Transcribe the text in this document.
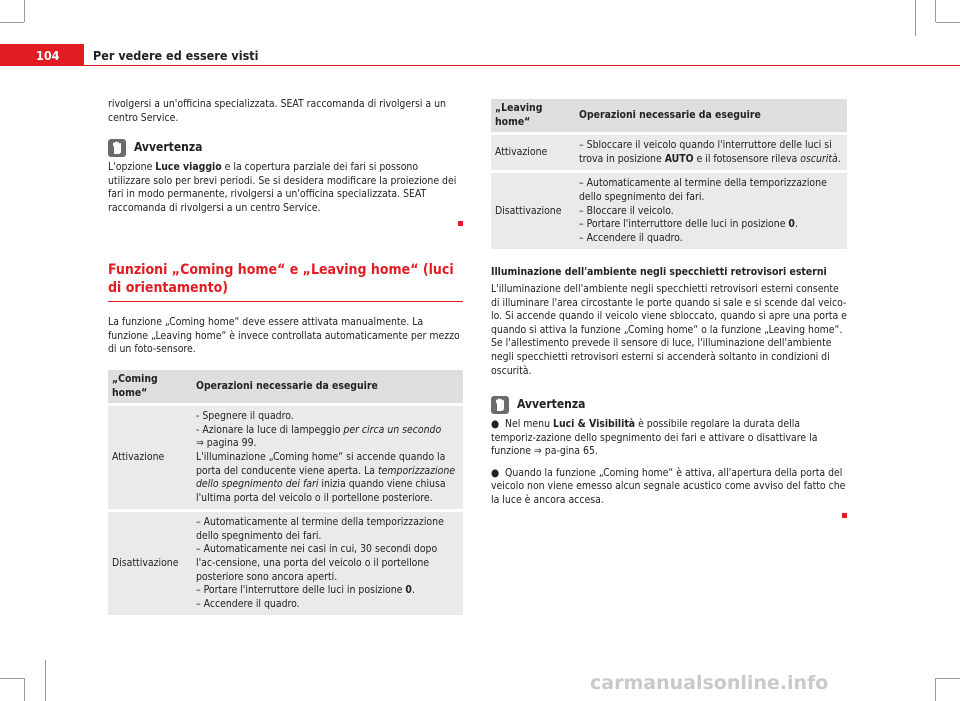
104	Per vedere ed essere visti

rivolgersi a un'officina specializzata. SEAT raccomanda di rivolgersi a un centro Service.

Avvertenza

L'opzione Luce viaggio e la copertura parziale dei fari si possono utilizzare solo per brevi periodi. Se si desidera modificare la proiezione dei fari in modo permanente, rivolgersi a un'officina specializzata. SEAT raccomanda di rivolgersi a un centro Service.

Funzioni „Coming home“ e „Leaving home“ (luci di orientamento)

La funzione „Coming home“ deve essere attivata manualmente. La funzione „Leaving home“ è invece controllata automaticamente per mezzo di un foto-sensore.

„Coming home“	Operazioni necessarie da eseguire
Attivazione	- Spegnere il quadro.
- Azionare la luce di lampeggio per circa un secondo
⇒ pagina 99.
L'illuminazione „Coming home“ si accende quando la porta del conducente viene aperta. La temporizzazione dello spegnimento dei fari inizia quando viene chiusa l'ultima porta del veicolo o il portellone posteriore.

Disattivazione	– Automaticamente al termine della temporizzazione dello spegnimento dei fari.
– Automaticamente nei casi in cui, 30 secondi dopo l'ac-censione, una porta del veicolo o il portellone posteriore sono ancora aperti.
– Portare l'interruttore delle luci in posizione 0.
– Accendere il quadro.
„Leaving home“	Operazioni necessarie da eseguire
Attivazione	– Sbloccare il veicolo quando l'interruttore delle luci si trova in posizione AUTO e il fotosensore rileva oscurità.
Disattivazione	– Automaticamente al termine della temporizzazione dello spegnimento dei fari.
– Bloccare il veicolo.
– Portare l'interruttore delle luci in posizione 0.
– Accendere il quadro.
Illuminazione dell'ambiente negli specchietti retrovisori esterni

L'illuminazione dell'ambiente negli specchietti retrovisori esterni consente di illuminare l'area circostante le porte quando si sale e si scende dal veico-lo. Si accende quando il veicolo viene sbloccato, quando si apre una porta e quando si attiva la funzione „Coming home“ o la funzione „Leaving home“. Se l'allestimento prevede il sensore di luce, l'illuminazione dell'ambiente negli specchietti retrovisori esterni si accenderà soltanto in condizioni di oscurità.

Avvertenza

● Nel menu Luci & Visibilità è possibile regolare la durata della temporiz-zazione dello spegnimento dei fari e attivare o disattivare la funzione ⇒ pa-gina 65.

● Quando la funzione „Coming home“ è attiva, all'apertura della porta del veicolo non viene emesso alcun segnale acustico come avviso del fatto che la luce è ancora accesa.

carmanualsonline.info
